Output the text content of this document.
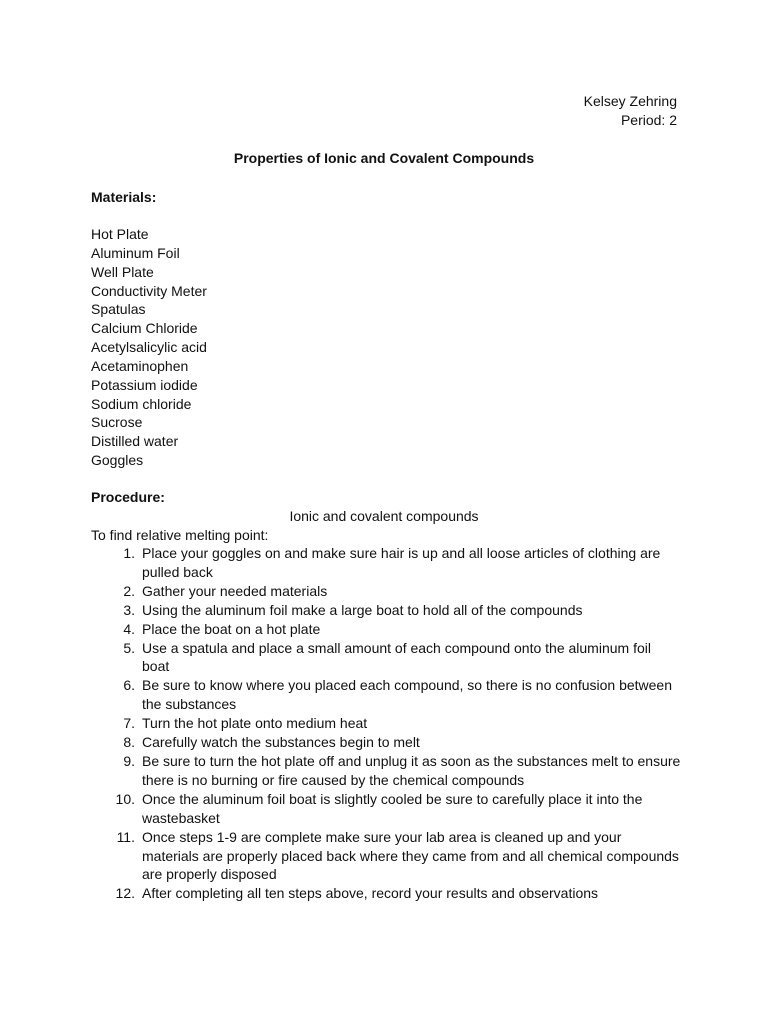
Kelsey Zehring
Period: 2
Properties of Ionic and Covalent Compounds
Materials:
Hot Plate
Aluminum Foil
Well Plate
Conductivity Meter
Spatulas
Calcium Chloride
Acetylsalicylic acid
Acetaminophen
Potassium iodide
Sodium chloride
Sucrose
Distilled water
Goggles
Procedure:
Ionic and covalent compounds
To find relative melting point:
1. Place your goggles on and make sure hair is up and all loose articles of clothing are pulled back
2. Gather your needed materials
3. Using the aluminum foil make a large boat to hold all of the compounds
4. Place the boat on a hot plate
5. Use a spatula and place a small amount of each compound onto the aluminum foil boat
6. Be sure to know where you placed each compound, so there is no confusion between the substances
7. Turn the hot plate onto medium heat
8. Carefully watch the substances begin to melt
9. Be sure to turn the hot plate off and unplug it as soon as the substances melt to ensure there is no burning or fire caused by the chemical compounds
10. Once the aluminum foil boat is slightly cooled be sure to carefully place it into the wastebasket
11. Once steps 1-9 are complete make sure your lab area is cleaned up and your materials are properly placed back where they came from and all chemical compounds are properly disposed
12. After completing all ten steps above, record your results and observations
